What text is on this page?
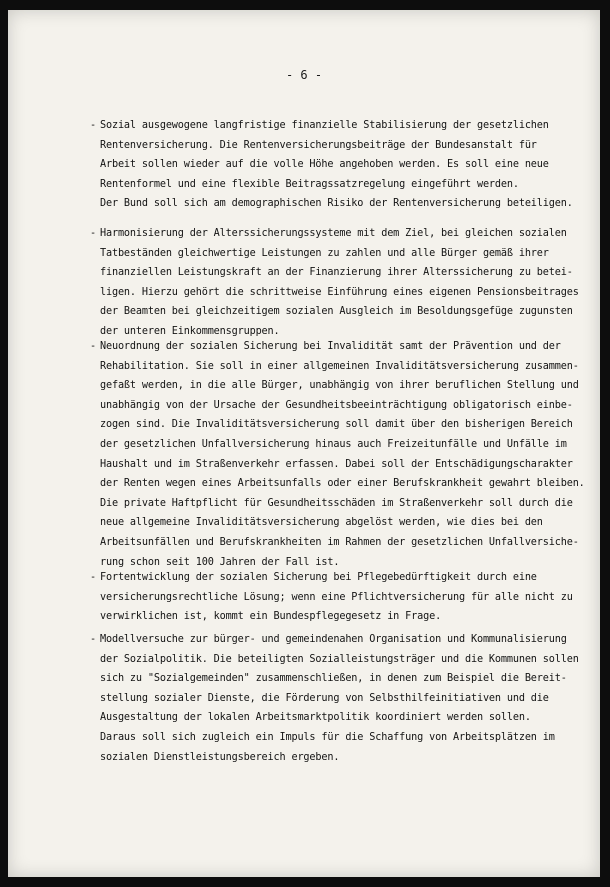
- 6 -
- Sozial ausgewogene langfristige finanzielle Stabilisierung der gesetzlichen
Rentenversicherung. Die Rentenversicherungsbeiträge der Bundesanstalt für
Arbeit sollen wieder auf die volle Höhe angehoben werden. Es soll eine neue
Rentenformel und eine flexible Beitragssatzregelung eingeführt werden.
Der Bund soll sich am demographischen Risiko der Rentenversicherung beteiligen.
- Harmonisierung der Alterssicherungssysteme mit dem Ziel, bei gleichen sozialen
Tatbeständen gleichwertige Leistungen zu zahlen und alle Bürger gemäß ihrer
finanziellen Leistungskraft an der Finanzierung ihrer Alterssicherung zu betei-
ligen. Hierzu gehört die schrittweise Einführung eines eigenen Pensionsbeitrages
der Beamten bei gleichzeitigem sozialen Ausgleich im Besoldungsgefüge zugunsten
der unteren Einkommensgruppen.
- Neuordnung der sozialen Sicherung bei Invalidität samt der Prävention und der
Rehabilitation. Sie soll in einer allgemeinen Invaliditätsversicherung zusammen-
gefaßt werden, in die alle Bürger, unabhängig von ihrer beruflichen Stellung und
unabhängig von der Ursache der Gesundheitsbeeinträchtigung obligatorisch einbe-
zogen sind. Die Invaliditätsversicherung soll damit über den bisherigen Bereich
der gesetzlichen Unfallversicherung hinaus auch Freizeitunfälle und Unfälle im
Haushalt und im Straßenverkehr erfassen. Dabei soll der Entschädigungscharakter
der Renten wegen eines Arbeitsunfalls oder einer Berufskrankheit gewahrt bleiben.
Die private Haftpflicht für Gesundheitsschäden im Straßenverkehr soll durch die
neue allgemeine Invaliditätsversicherung abgelöst werden, wie dies bei den
Arbeitsunfällen und Berufskrankheiten im Rahmen der gesetzlichen Unfallversiche-
rung schon seit 100 Jahren der Fall ist.
- Fortentwicklung der sozialen Sicherung bei Pflegebedürftigkeit durch eine
versicherungsrechtliche Lösung; wenn eine Pflichtversicherung für alle nicht zu
verwirklichen ist, kommt ein Bundespflegegesetz in Frage.
- Modellversuche zur bürger- und gemeindenahen Organisation und Kommunalisierung
der Sozialpolitik. Die beteiligten Sozialleistungsträger und die Kommunen sollen
sich zu "Sozialgemeinden" zusammenschließen, in denen zum Beispiel die Bereit-
stellung sozialer Dienste, die Förderung von Selbsthilfeinitiativen und die
Ausgestaltung der lokalen Arbeitsmarktpolitik koordiniert werden sollen.
Daraus soll sich zugleich ein Impuls für die Schaffung von Arbeitsplätzen im
sozialen Dienstleistungsbereich ergeben.
